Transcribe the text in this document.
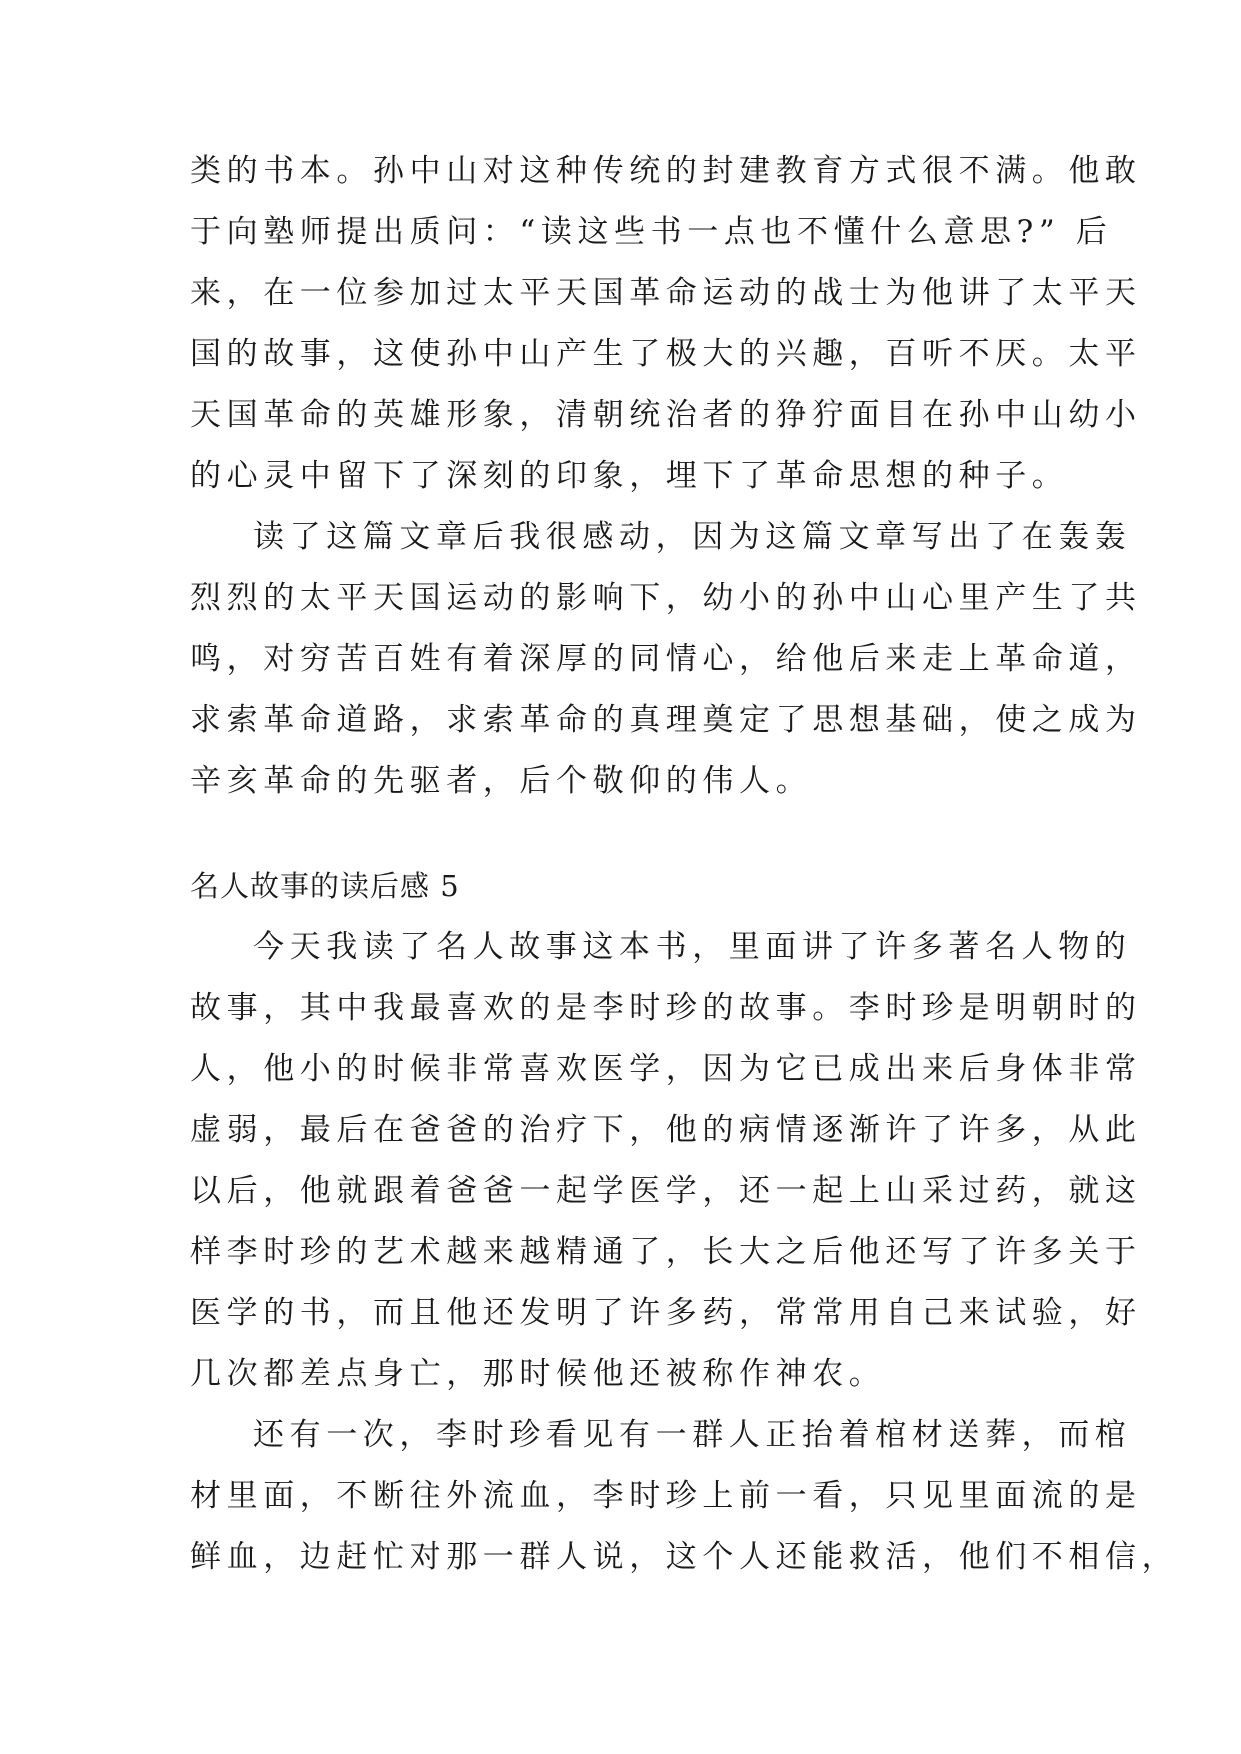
类的书本。孙中山对这种传统的封建教育方式很不满。他敢
于向塾师提出质问：“读这些书一点也不懂什么意思?” 后
来，在一位参加过太平天国革命运动的战士为他讲了太平天
国的故事，这使孙中山产生了极大的兴趣，百听不厌。太平
天国革命的英雄形象，清朝统治者的狰狞面目在孙中山幼小
的心灵中留下了深刻的印象，埋下了革命思想的种子。
读了这篇文章后我很感动，因为这篇文章写出了在轰轰
烈烈的太平天国运动的影响下，幼小的孙中山心里产生了共
鸣，对穷苦百姓有着深厚的同情心，给他后来走上革命道，
求索革命道路，求索革命的真理奠定了思想基础，使之成为
辛亥革命的先驱者，后个敬仰的伟人。
名人故事的读后感 5
今天我读了名人故事这本书，里面讲了许多著名人物的
故事，其中我最喜欢的是李时珍的故事。李时珍是明朝时的
人，他小的时候非常喜欢医学，因为它已成出来后身体非常
虚弱，最后在爸爸的治疗下，他的病情逐渐许了许多，从此
以后，他就跟着爸爸一起学医学，还一起上山采过药，就这
样李时珍的艺术越来越精通了，长大之后他还写了许多关于
医学的书，而且他还发明了许多药，常常用自己来试验，好
几次都差点身亡，那时候他还被称作神农。
还有一次，李时珍看见有一群人正抬着棺材送葬，而棺
材里面，不断往外流血，李时珍上前一看，只见里面流的是
鲜血，边赶忙对那一群人说，这个人还能救活，他们不相信，
